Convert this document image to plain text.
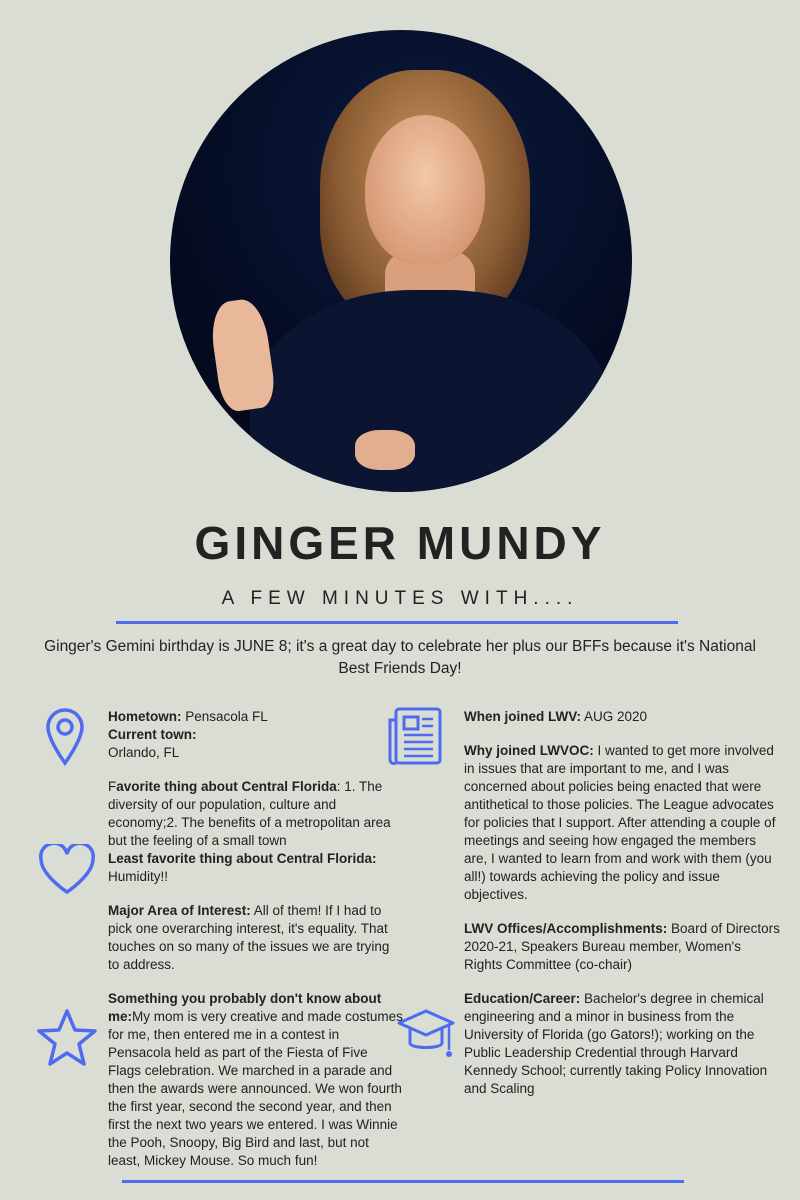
GINGER MUNDY
A FEW MINUTES WITH....
Ginger's Gemini birthday is JUNE 8; it's a great day to celebrate her plus our BFFs because it's National Best Friends Day!

Hometown: Pensacola FL
Current town:
Orlando, FL

Favorite thing about Central Florida: 1. The diversity of our population, culture and economy;2. The benefits of a metropolitan area but the feeling of a small town
Least favorite thing about Central Florida:
Humidity!!

Major Area of Interest: All of them! If I had to pick one overarching interest, it's equality. That touches on so many of the issues we are trying to address.

Something you probably don't know about me:My mom is very creative and made costumes for me, then entered me in a contest in Pensacola held as part of the Fiesta of Five Flags celebration. We marched in a parade and then the awards were announced. We won fourth the first year, second the second year, and then first the next two years we entered. I was Winnie the Pooh, Snoopy, Big Bird and last, but not least, Mickey Mouse. So much fun!

When joined LWV: AUG 2020

Why joined LWVOC: I wanted to get more involved in issues that are important to me, and I was concerned about policies being enacted that were antithetical to those policies. The League advocates for policies that I support. After attending a couple of meetings and seeing how engaged the members are, I wanted to learn from and work with them (you all!) towards achieving the policy and issue objectives.

LWV Offices/Accomplishments: Board of Directors 2020-21, Speakers Bureau member, Women's Rights Committee (co-chair)

Education/Career: Bachelor's degree in chemical engineering and a minor in business from the University of Florida (go Gators!); working on the Public Leadership Credential through Harvard Kennedy School; currently taking Policy Innovation and Scaling
